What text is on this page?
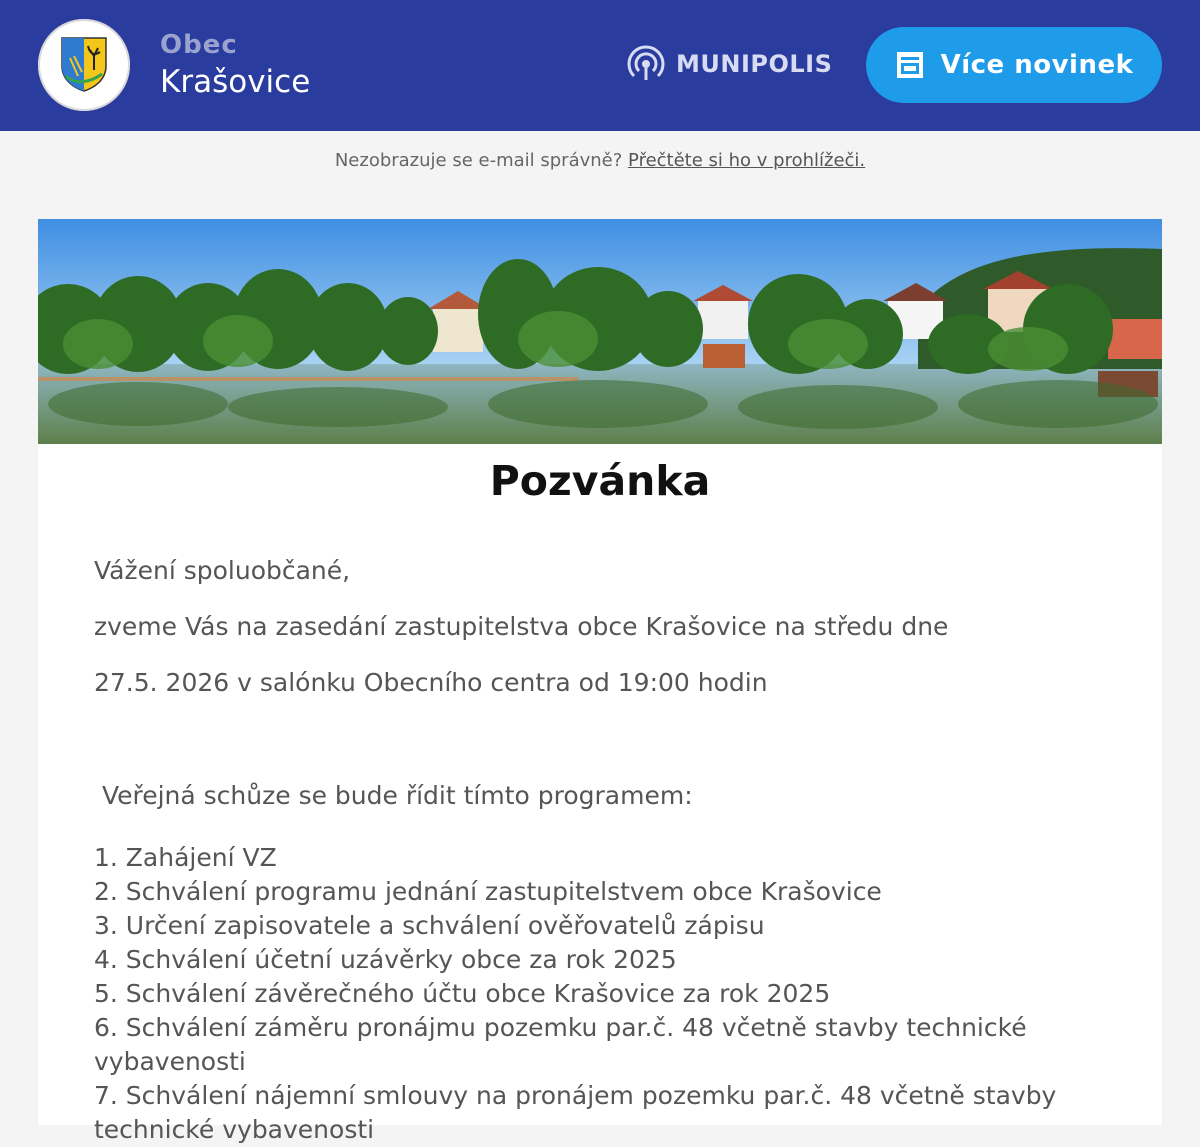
Obec
Krašovice	MUNIPOLIS	Více novinek
Nezobrazuje se e-mail správně? Přečtěte si ho v prohlížeči.
Pozvánka
Vážení spoluobčané,
zveme Vás na zasedání zastupitelstva obce Krašovice na středu dne
27.5. 2026 v salónku Obecního centra od 19:00 hodin
Veřejná schůze se bude řídit tímto programem:
1. Zahájení VZ
2. Schválení programu jednání zastupitelstvem obce Krašovice
3. Určení zapisovatele a schválení ověřovatelů zápisu
4. Schválení účetní uzávěrky obce za rok 2025
5. Schválení závěrečného účtu obce Krašovice za rok 2025
6. Schválení záměru pronájmu pozemku par.č. 48 včetně stavby technické vybavenosti
7. Schválení nájemní smlouvy na pronájem pozemku par.č. 48 včetně stavby technické vybavenosti
